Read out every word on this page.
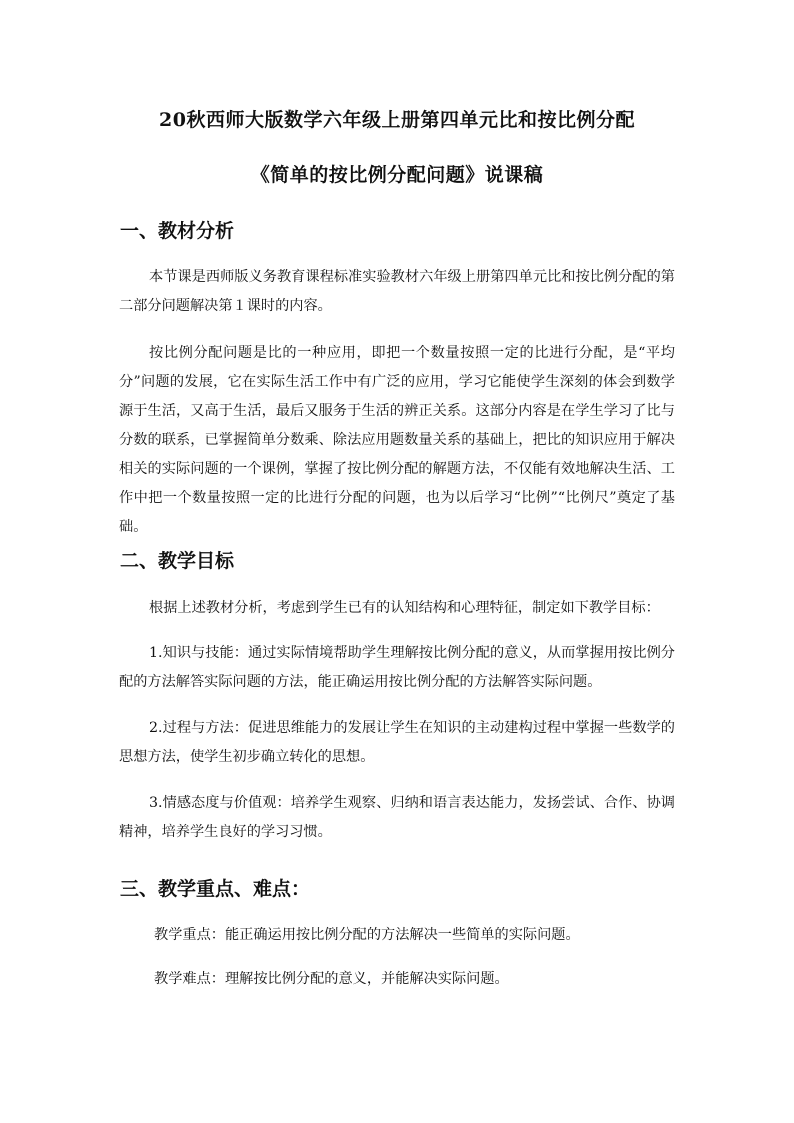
20秋西师大版数学六年级上册第四单元比和按比例分配
《简单的按比例分配问题》说课稿
一、教材分析

本节课是西师版义务教育课程标准实验教材六年级上册第四单元比和按比例分配的第二部分问题解决第１课时的内容。

按比例分配问题是比的一种应用，即把一个数量按照一定的比进行分配，是“平均分”问题的发展，它在实际生活工作中有广泛的应用，学习它能使学生深刻的体会到数学源于生活，又高于生活，最后又服务于生活的辨正关系。这部分内容是在学生学习了比与分数的联系，已掌握简单分数乘、除法应用题数量关系的基础上，把比的知识应用于解决相关的实际问题的一个课例，掌握了按比例分配的解题方法，不仅能有效地解决生活、工作中把一个数量按照一定的比进行分配的问题，也为以后学习“比例”“比例尺”奠定了基础。

二、教学目标

根据上述教材分析，考虑到学生已有的认知结构和心理特征，制定如下教学目标：

1.知识与技能：通过实际情境帮助学生理解按比例分配的意义，从而掌握用按比例分配的方法解答实际问题的方法，能正确运用按比例分配的方法解答实际问题。

2.过程与方法：促进思维能力的发展让学生在知识的主动建构过程中掌握一些数学的思想方法，使学生初步确立转化的思想。

3.情感态度与价值观：培养学生观察、归纳和语言表达能力，发扬尝试、合作、协调精神，培养学生良好的学习习惯。

三、教学重点、难点：

教学重点：能正确运用按比例分配的方法解决一些简单的实际问题。

教学难点：理解按比例分配的意义，并能解决实际问题。
